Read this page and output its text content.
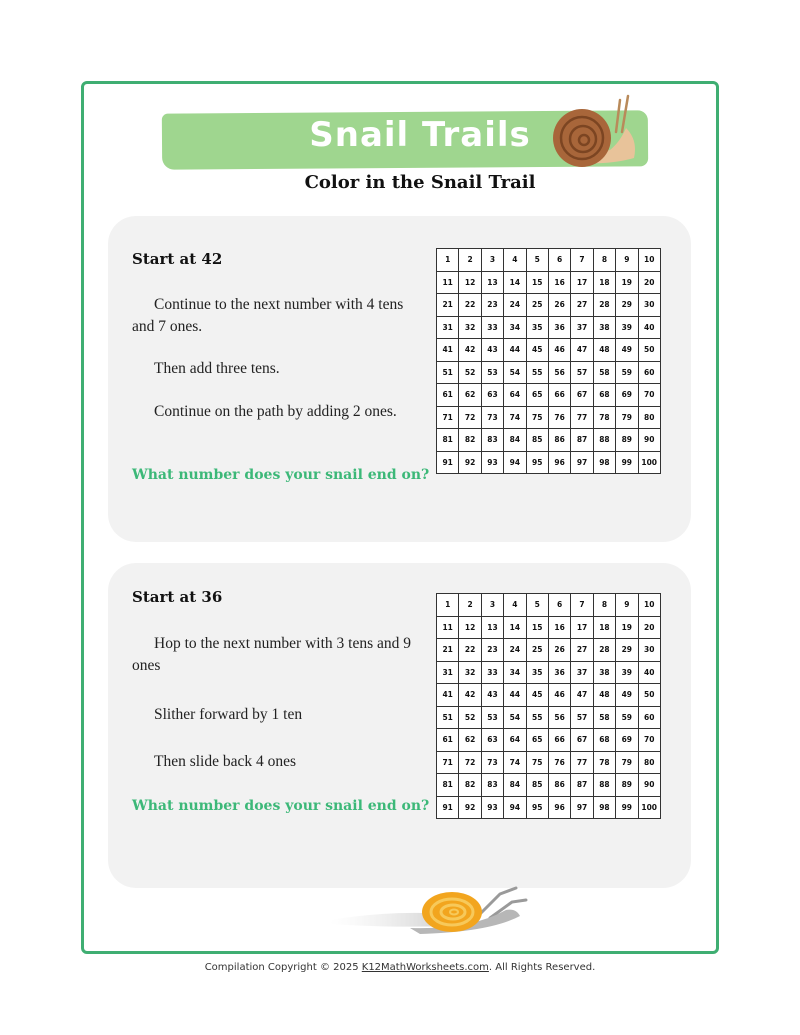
Snail Trails
Color in the Snail Trail
Start at 42
Continue to the next number with 4 tens and 7 ones.
Then add three tens.
Continue on the path by adding 2 ones.
What number does your snail end on?
1	2	3	4	5	6	7	8	9	10
11	12	13	14	15	16	17	18	19	20
21	22	23	24	25	26	27	28	29	30
31	32	33	34	35	36	37	38	39	40
41	42	43	44	45	46	47	48	49	50
51	52	53	54	55	56	57	58	59	60
61	62	63	64	65	66	67	68	69	70
71	72	73	74	75	76	77	78	79	80
81	82	83	84	85	86	87	88	89	90
91	92	93	94	95	96	97	98	99	100
Start at 36
Hop to the next number with 3 tens and 9 ones
Slither forward by 1 ten
Then slide back 4 ones
What number does your snail end on?
1	2	3	4	5	6	7	8	9	10
11	12	13	14	15	16	17	18	19	20
21	22	23	24	25	26	27	28	29	30
31	32	33	34	35	36	37	38	39	40
41	42	43	44	45	46	47	48	49	50
51	52	53	54	55	56	57	58	59	60
61	62	63	64	65	66	67	68	69	70
71	72	73	74	75	76	77	78	79	80
81	82	83	84	85	86	87	88	89	90
91	92	93	94	95	96	97	98	99	100
Compilation Copyright © 2025 K12MathWorksheets.com. All Rights Reserved.
